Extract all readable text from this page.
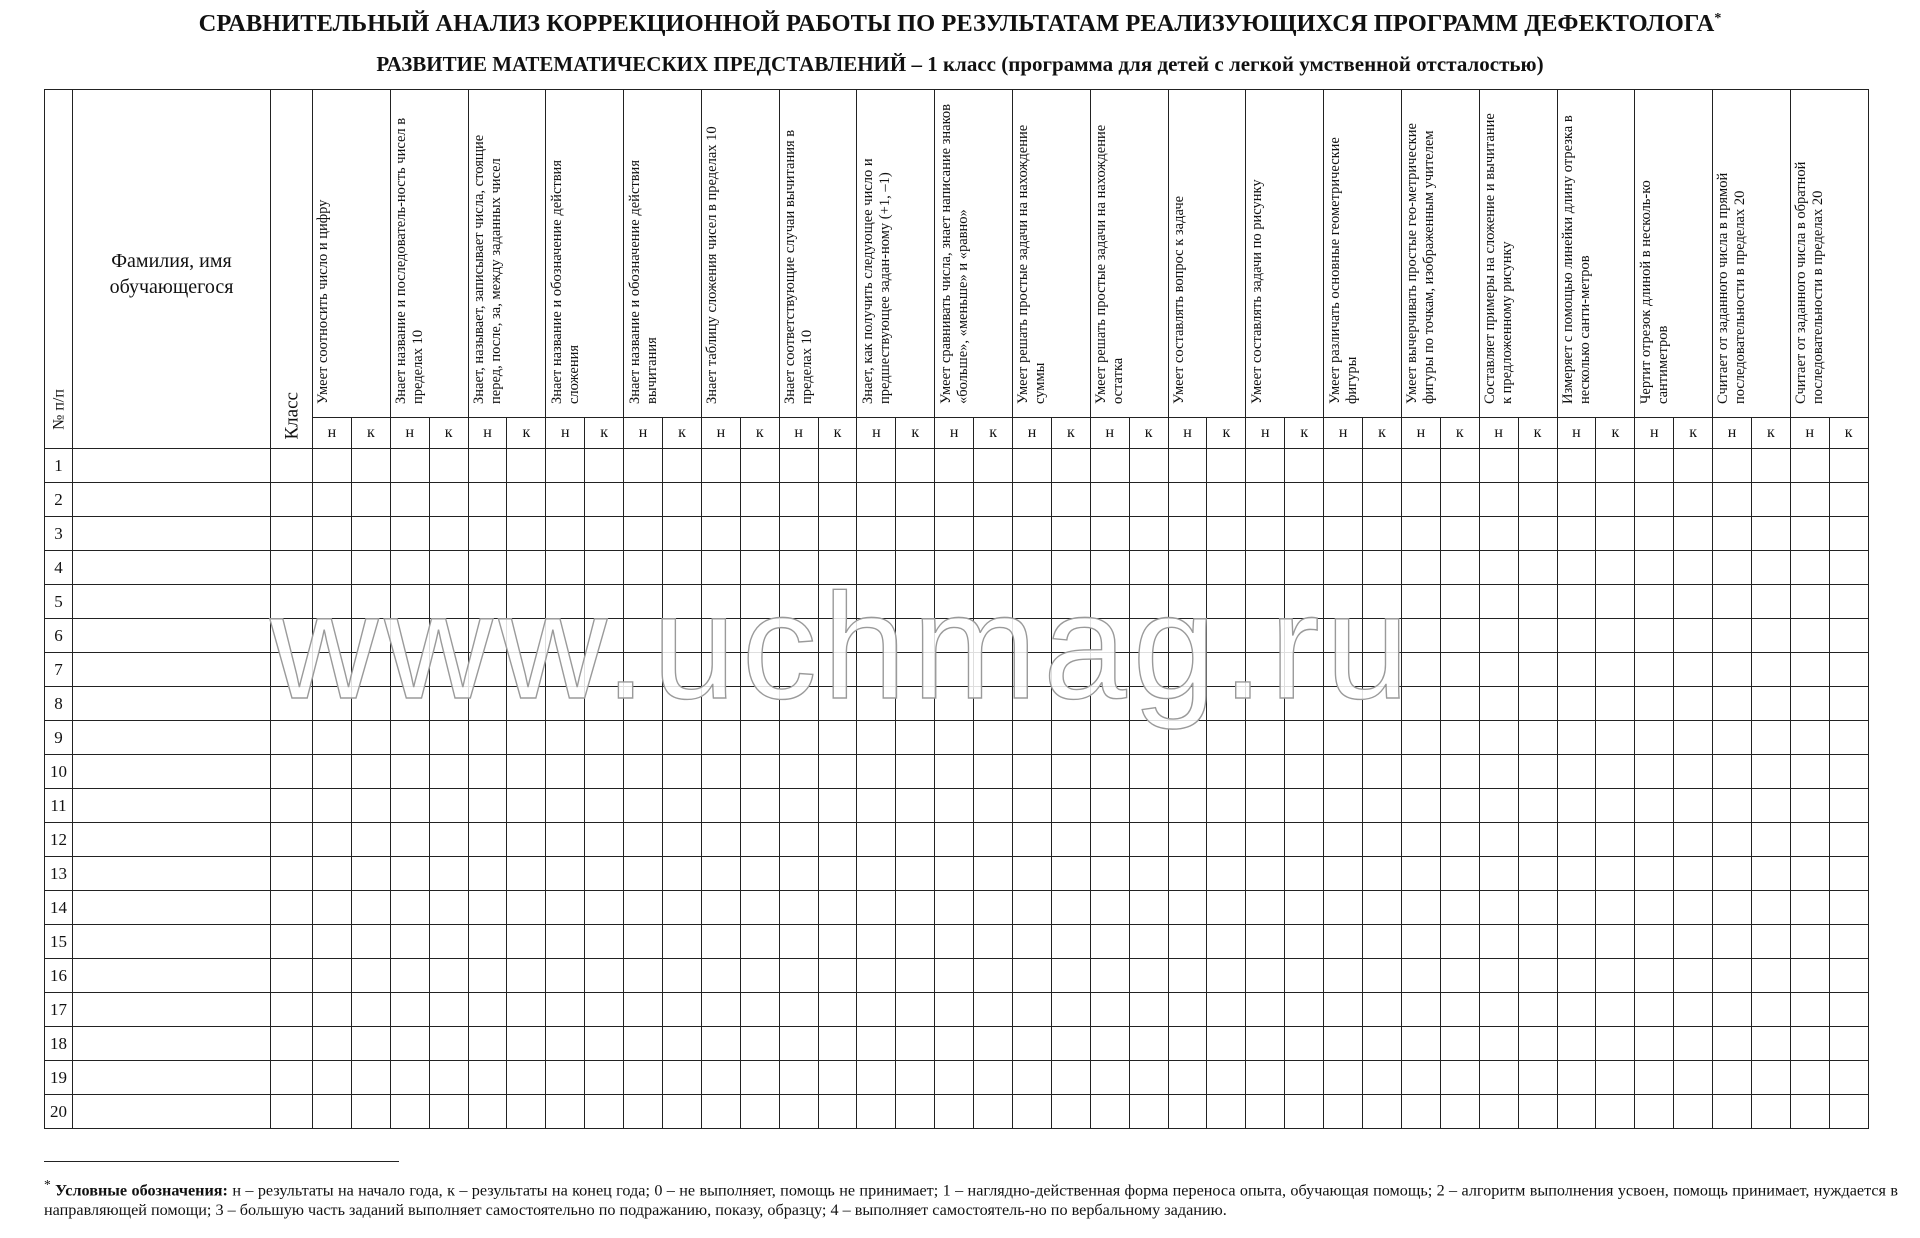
СРАВНИТЕЛЬНЫЙ АНАЛИЗ КОРРЕКЦИОННОЙ РАБОТЫ ПО РЕЗУЛЬТАТАМ РЕАЛИЗУЮЩИХСЯ ПРОГРАММ ДЕФЕКТОЛОГА*
РАЗВИТИЕ МАТЕМАТИЧЕСКИХ ПРЕДСТАВЛЕНИЙ – 1 класс (программа для детей с легкой умственной отсталостью)
№ п/п	Фамилия, имя обучающегося	Класс	Умеет соотносить число и цифру		Знает название и последователь-ность чисел в пределах 10		Знает, называет, записывает числа, стоящие перед, после, за, между заданных чисел		Знает название и обозначение действия сложения		Знает название и обозначение действия вычитания		Знает таблицу сложения чисел в пределах 10		Знает соответствующие случаи вычитания в пределах 10		Знает, как получить следующее число и предшествующее задан-ному (+1, –1)		Умеет сравнивать числа, знает написание знаков «больше», «меньше» и «равно»		Умеет решать простые задачи на нахождение суммы		Умеет решать простые задачи на нахождение остатка		Умеет составлять вопрос к задаче		Умеет составлять задачи по рисунку		Умеет различать основные геометрические фигуры		Умеет вычерчивать простые гео-метрические фигуры по точкам, изображенным учителем		Составляет примеры на сложение и вычитание к предложенному рисунку		Измеряет с помощью линейки длину отрезка в несколько санти-метров		Чертит отрезок длиной в несколь-ко сантиметров		Считает от заданного числа в прямой последовательности в пределах 20		Считает от заданного числа в обратной последовательности в пределах 20	

			н	к	н	к	н	к	н	к	н	к	н	к	н	к	н	к	н	к	н	к	н	к	н	к	н	к	н	к	н	к	н	к	н	к	н	к	н	к	н	к
1																																										
2																																										
3																																										
4																																										
5																																										
6																																										
7																																										
8																																										
9																																										
10																																										
11																																										
12																																										
13																																										
14																																										
15																																										
16																																										
17																																										
18																																										
19																																										
20																																										
www.uchmag.ru
* Условные обозначения: н – результаты на начало года, к – результаты на конец года; 0 – не выполняет, помощь не принимает; 1 – наглядно-действенная форма переноса опыта, обучающая помощь; 2 – алгоритм выполнения усвоен, помощь принимает, нуждается в направляющей помощи; 3 – большую часть заданий выполняет самостоятельно по подражанию, показу, образцу; 4 – выполняет самостоятель-но по вербальному заданию.
